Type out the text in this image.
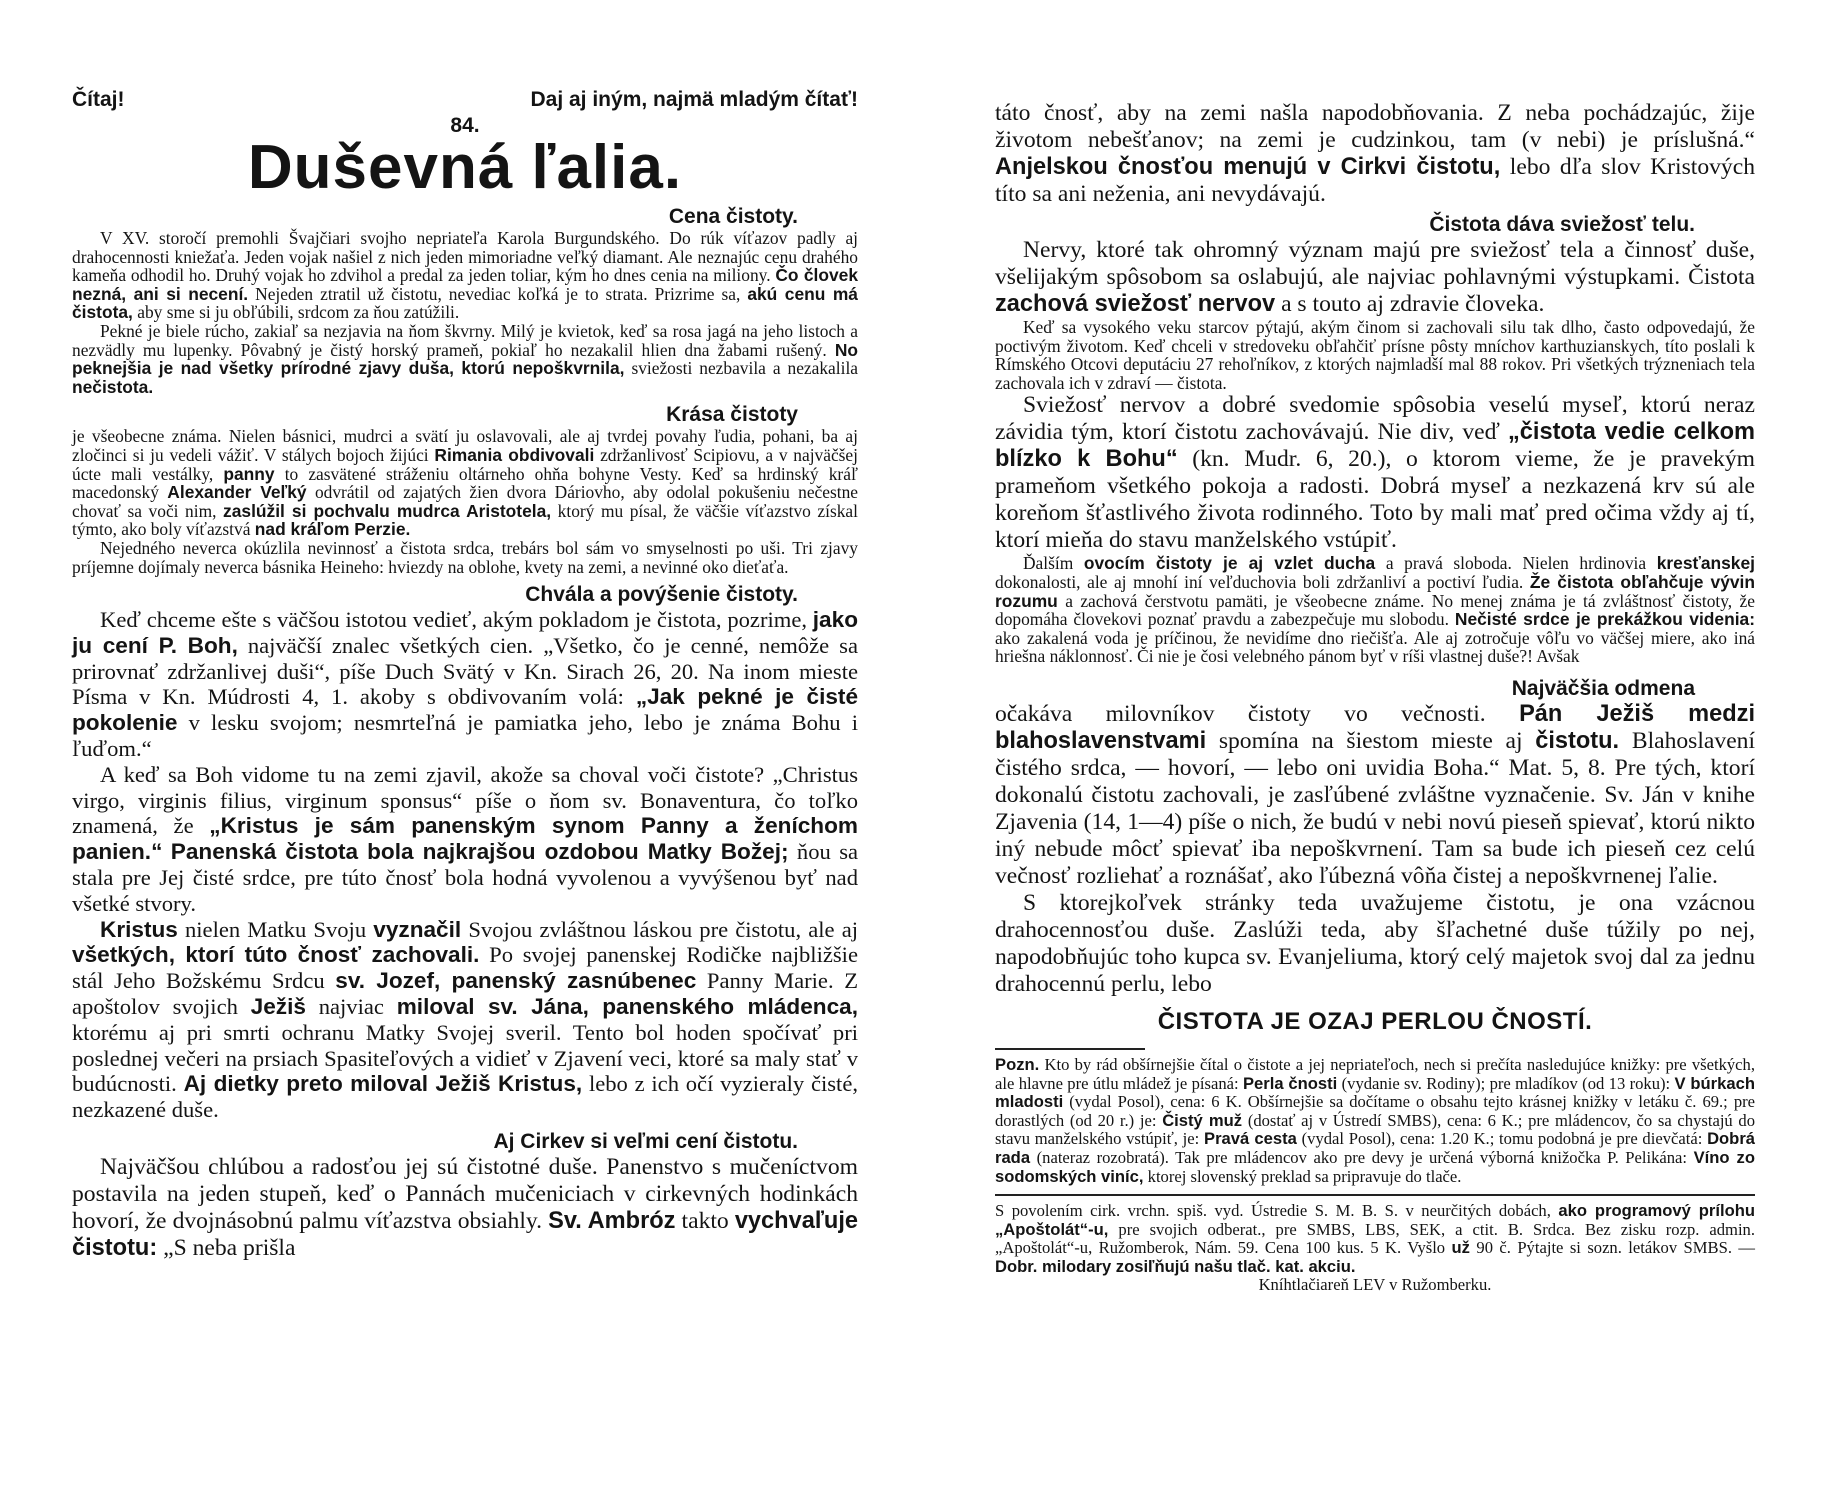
Čítaj!	Daj aj iným, najmä mladým čítať!
84.
Duševná ľalia.
Cena čistoty.

V XV. storočí premohli Švajčiari svojho nepriateľa Karola Burgundského. Do rúk víťazov padly aj drahocennosti kniežaťa. Jeden vojak našiel z nich jeden mimoriadne veľký diamant. Ale neznajúc cenu drahého kameňa odhodil ho. Druhý vojak ho zdvihol a predal za jeden toliar, kým ho dnes cenia na miliony. Čo človek nezná, ani si necení. Nejeden ztratil už čistotu, nevediac koľká je to strata. Prizrime sa, akú cenu má čistota, aby sme si ju obľúbili, srdcom za ňou zatúžili.

Pekné je biele rúcho, zakiaľ sa nezjavia na ňom škvrny. Milý je kvietok, keď sa rosa jagá na jeho listoch a nezvädly mu lupenky. Pôvabný je čistý horský prameň, pokiaľ ho nezakalil hlien dna žabami rušený. No peknejšia je nad všetky prírodné zjavy duša, ktorú nepoškvrnila, sviežosti nezbavila a nezakalila nečistota.

Krása čistoty

je všeobecne známa. Nielen básnici, mudrci a svätí ju oslavovali, ale aj tvrdej povahy ľudia, pohani, ba aj zločinci si ju vedeli vážiť. V stálych bojoch žijúci Rimania obdivovali zdržanlivosť Scipiovu, a v najväčšej úcte mali vestálky, panny to zasvätené stráženiu oltárneho ohňa bohyne Vesty. Keď sa hrdinský kráľ macedonský Alexander Veľký odvrátil od zajatých žien dvora Dáriovho, aby odolal pokušeniu nečestne chovať sa voči nim, zaslúžil si pochvalu mudrca Aristotela, ktorý mu písal, že väčšie víťazstvo získal týmto, ako boly víťazstvá nad kráľom Perzie.

Nejedného neverca okúzlila nevinnosť a čistota srdca, trebárs bol sám vo smyselnosti po uši. Tri zjavy príjemne dojímaly neverca básnika Heineho: hviezdy na oblohe, kvety na zemi, a nevinné oko dieťaťa.

Chvála a povýšenie čistoty.

Keď chceme ešte s väčšou istotou vedieť, akým pokladom je čistota, pozrime, jako ju cení P. Boh, najväčší znalec všetkých cien. „Všetko, čo je cenné, nemôže sa prirovnať zdržanlivej duši“, píše Duch Svätý v Kn. Sirach 26, 20. Na inom mieste Písma v Kn. Múdrosti 4, 1. akoby s obdivovaním volá: „Jak pekné je čisté pokolenie v lesku svojom; nesmrteľná je pamiatka jeho, lebo je známa Bohu i ľuďom.“

A keď sa Boh vidome tu na zemi zjavil, akože sa choval voči čistote? „Christus virgo, virginis filius, virginum sponsus“ píše o ňom sv. Bonaventura, čo toľko znamená, že „Kristus je sám panenským synom Panny a ženíchom panien.“ Panenská čistota bola najkrajšou ozdobou Matky Božej; ňou sa stala pre Jej čisté srdce, pre túto čnosť bola hodná vyvolenou a vyvýšenou byť nad všetké stvory.

Kristus nielen Matku Svoju vyznačil Svojou zvláštnou láskou pre čistotu, ale aj všetkých, ktorí túto čnosť zachovali. Po svojej panenskej Rodičke najbližšie stál Jeho Božskému Srdcu sv. Jozef, panenský zasnúbenec Panny Marie. Z apoštolov svojich Ježiš najviac miloval sv. Jána, panenského mládenca, ktorému aj pri smrti ochranu Matky Svojej sveril. Tento bol hoden spočívať pri poslednej večeri na prsiach Spasiteľových a vidieť v Zjavení veci, ktoré sa maly stať v budúcnosti. Aj dietky preto miloval Ježiš Kristus, lebo z ich očí vyzieraly čisté, nezkazené duše.

Aj Cirkev si veľmi cení čistotu.

Najväčšou chlúbou a radosťou jej sú čistotné duše. Panenstvo s mučeníctvom postavila na jeden stupeň, keď o Pannách mučeniciach v cirkevných hodinkách hovorí, že dvojnásobnú palmu víťazstva obsiahly. Sv. Ambróz takto vychvaľuje čistotu: „S neba prišla

táto čnosť, aby na zemi našla napodobňovania. Z neba pochádzajúc, žije životom nebešťanov; na zemi je cudzinkou, tam (v nebi) je príslušná.“ Anjelskou čnosťou menujú v Cirkvi čistotu, lebo dľa slov Kristových títo sa ani neženia, ani nevydávajú.

Čistota dáva sviežosť telu.

Nervy, ktoré tak ohromný význam majú pre sviežosť tela a činnosť duše, všelijakým spôsobom sa oslabujú, ale najviac pohlavnými výstupkami. Čistota zachová sviežosť nervov a s touto aj zdravie človeka.

Keď sa vysokého veku starcov pýtajú, akým činom si zachovali silu tak dlho, často odpovedajú, že poctivým životom. Keď chceli v stredoveku obľahčiť prísne pôsty mníchov karthuzianskych, títo poslali k Rímského Otcovi deputáciu 27 rehoľníkov, z ktorých najmladší mal 88 rokov. Pri všetkých trýzneniach tela zachovala ich v zdraví — čistota.

Sviežosť nervov a dobré svedomie spôsobia veselú myseľ, ktorú neraz závidia tým, ktorí čistotu zachovávajú. Nie div, veď „čistota vedie celkom blízko k Bohu“ (kn. Mudr. 6, 20.), o ktorom vieme, že je pravekým prameňom všetkého pokoja a radosti. Dobrá myseľ a nezkazená krv sú ale koreňom šťastlivého života rodinného. Toto by mali mať pred očima vždy aj tí, ktorí mieňa do stavu manželského vstúpiť.

Ďalším ovocím čistoty je aj vzlet ducha a pravá sloboda. Nielen hrdinovia kresťanskej dokonalosti, ale aj mnohí iní veľduchovia boli zdržanliví a poctiví ľudia. Že čistota obľahčuje vývin rozumu a zachová čerstvotu pamäti, je všeobecne známe. No menej známa je tá zvláštnosť čistoty, že dopomáha človekovi poznať pravdu a zabezpečuje mu slobodu. Nečisté srdce je prekážkou videnia: ako zakalená voda je príčinou, že nevidíme dno riečišťa. Ale aj zotročuje vôľu vo väčšej miere, ako iná hriešna náklonnosť. Či nie je čosi velebného pánom byť v ríši vlastnej duše?! Avšak

Najväčšia odmena

očakáva milovníkov čistoty vo večnosti. Pán Ježiš medzi blahoslavenstvami spomína na šiestom mieste aj čistotu. Blahoslavení čistého srdca, — hovorí, — lebo oni uvidia Boha.“ Mat. 5, 8. Pre tých, ktorí dokonalú čistotu zachovali, je zasľúbené zvláštne vyznačenie. Sv. Ján v knihe Zjavenia (14, 1—4) píše o nich, že budú v nebi novú pieseň spievať, ktorú nikto iný nebude môcť spievať iba nepoškvrnení. Tam sa bude ich pieseň cez celú večnosť rozliehať a roznášať, ako ľúbezná vôňa čistej a nepoškvrnenej ľalie.

S ktorejkoľvek stránky teda uvažujeme čistotu, je ona vzácnou drahocennosťou duše. Zaslúži teda, aby šľachetné duše túžily po nej, napodobňujúc toho kupca sv. Evanjeliuma, ktorý celý majetok svoj dal za jednu drahocennú perlu, lebo

ČISTOTA JE OZAJ PERLOU ČNOSTÍ.

Pozn. Kto by rád obšírnejšie čítal o čistote a jej nepriateľoch, nech si prečíta nasledujúce knižky: pre všetkých, ale hlavne pre útlu mládež je písaná: Perla čnosti (vydanie sv. Rodiny); pre mladíkov (od 13 roku): V búrkach mladosti (vydal Posol), cena: 6 K. Obšírnejšie sa dočítame o obsahu tejto krásnej knižky v letáku č. 69.; pre dorastlých (od 20 r.) je: Čistý muž (dostať aj v Ústredí SMBS), cena: 6 K.; pre mládencov, čo sa chystajú do stavu manželského vstúpiť, je: Pravá cesta (vydal Posol), cena: 1.20 K.; tomu podobná je pre dievčatá: Dobrá rada (nateraz rozobratá). Tak pre mládencov ako pre devy je určená výborná knižočka P. Pelikána: Víno zo sodomských viníc, ktorej slovenský preklad sa pripravuje do tlače.

S povolením cirk. vrchn. spiš. vyd. Ústredie S. M. B. S. v neurčitých dobách, ako programový prílohu „Apoštolát“-u, pre svojich odberat., pre SMBS, LBS, SEK, a ctit. B. Srdca. Bez zisku rozp. admin. „Apoštolát“-u, Ružomberok, Nám. 59. Cena 100 kus. 5 K. Vyšlo už 90 č. Pýtajte si sozn. letákov SMBS. — Dobr. milodary zosiľňujú našu tlač. kat. akciu.

Kníhtlačiareň LEV v Ružomberku.
